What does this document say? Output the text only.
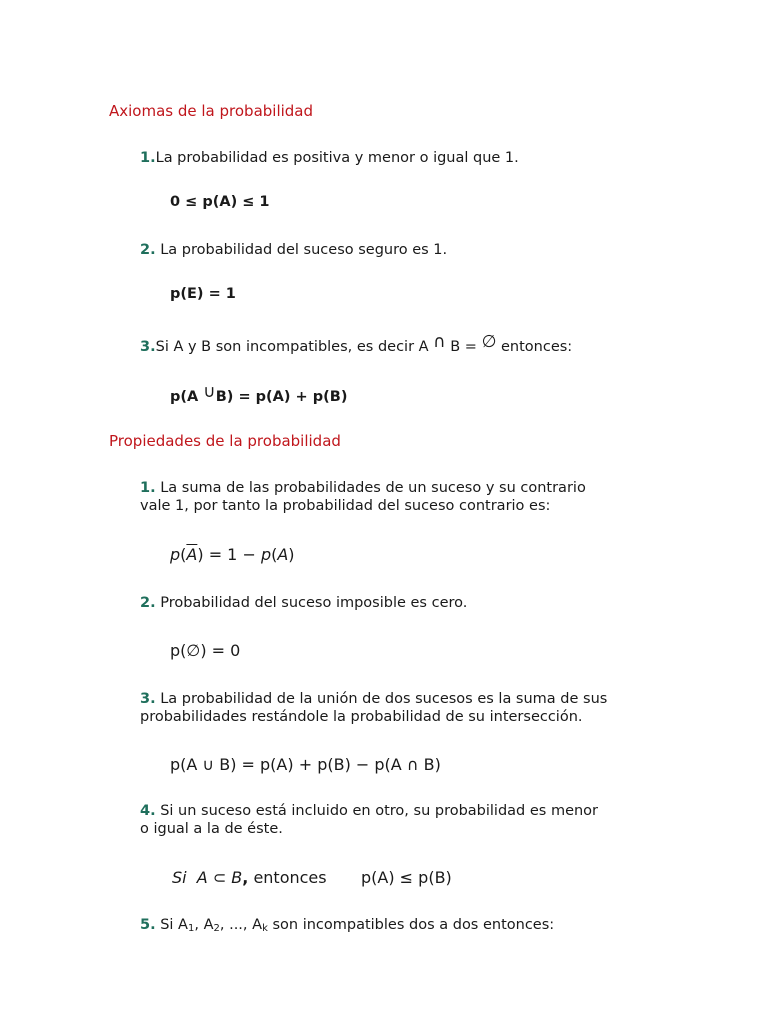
Axiomas de la probabilidad
1.La probabilidad es positiva y menor o igual que 1.
0 ≤ p(A) ≤ 1
2. La probabilidad del suceso seguro es 1.
p(E) = 1
3.Si A y B son incompatibles, es decir A ∩ B = ∅ entonces:
p(A ∪B) = p(A) + p(B)
Propiedades de la probabilidad
1. La suma de las probabilidades de un suceso y su contrario
vale 1, por tanto la probabilidad del suceso contrario es:
$p(\overline{A}) = 1 - p(A)$
2. Probabilidad del suceso imposible es cero.
p(∅) = 0
3. La probabilidad de la unión de dos sucesos es la suma de sus
probabilidades restándole la probabilidad de su intersección.
p(A ∪ B) = p(A) + p(B) − p(A ∩ B)
4. Si un suceso está incluido en otro, su probabilidad es menor
o igual a la de éste.
Si A ⊂ B, entonces p(A) ≤ p(B)
5. Si $A_1$, $A_2$, ..., $A_k$ son incompatibles dos a dos entonces:
